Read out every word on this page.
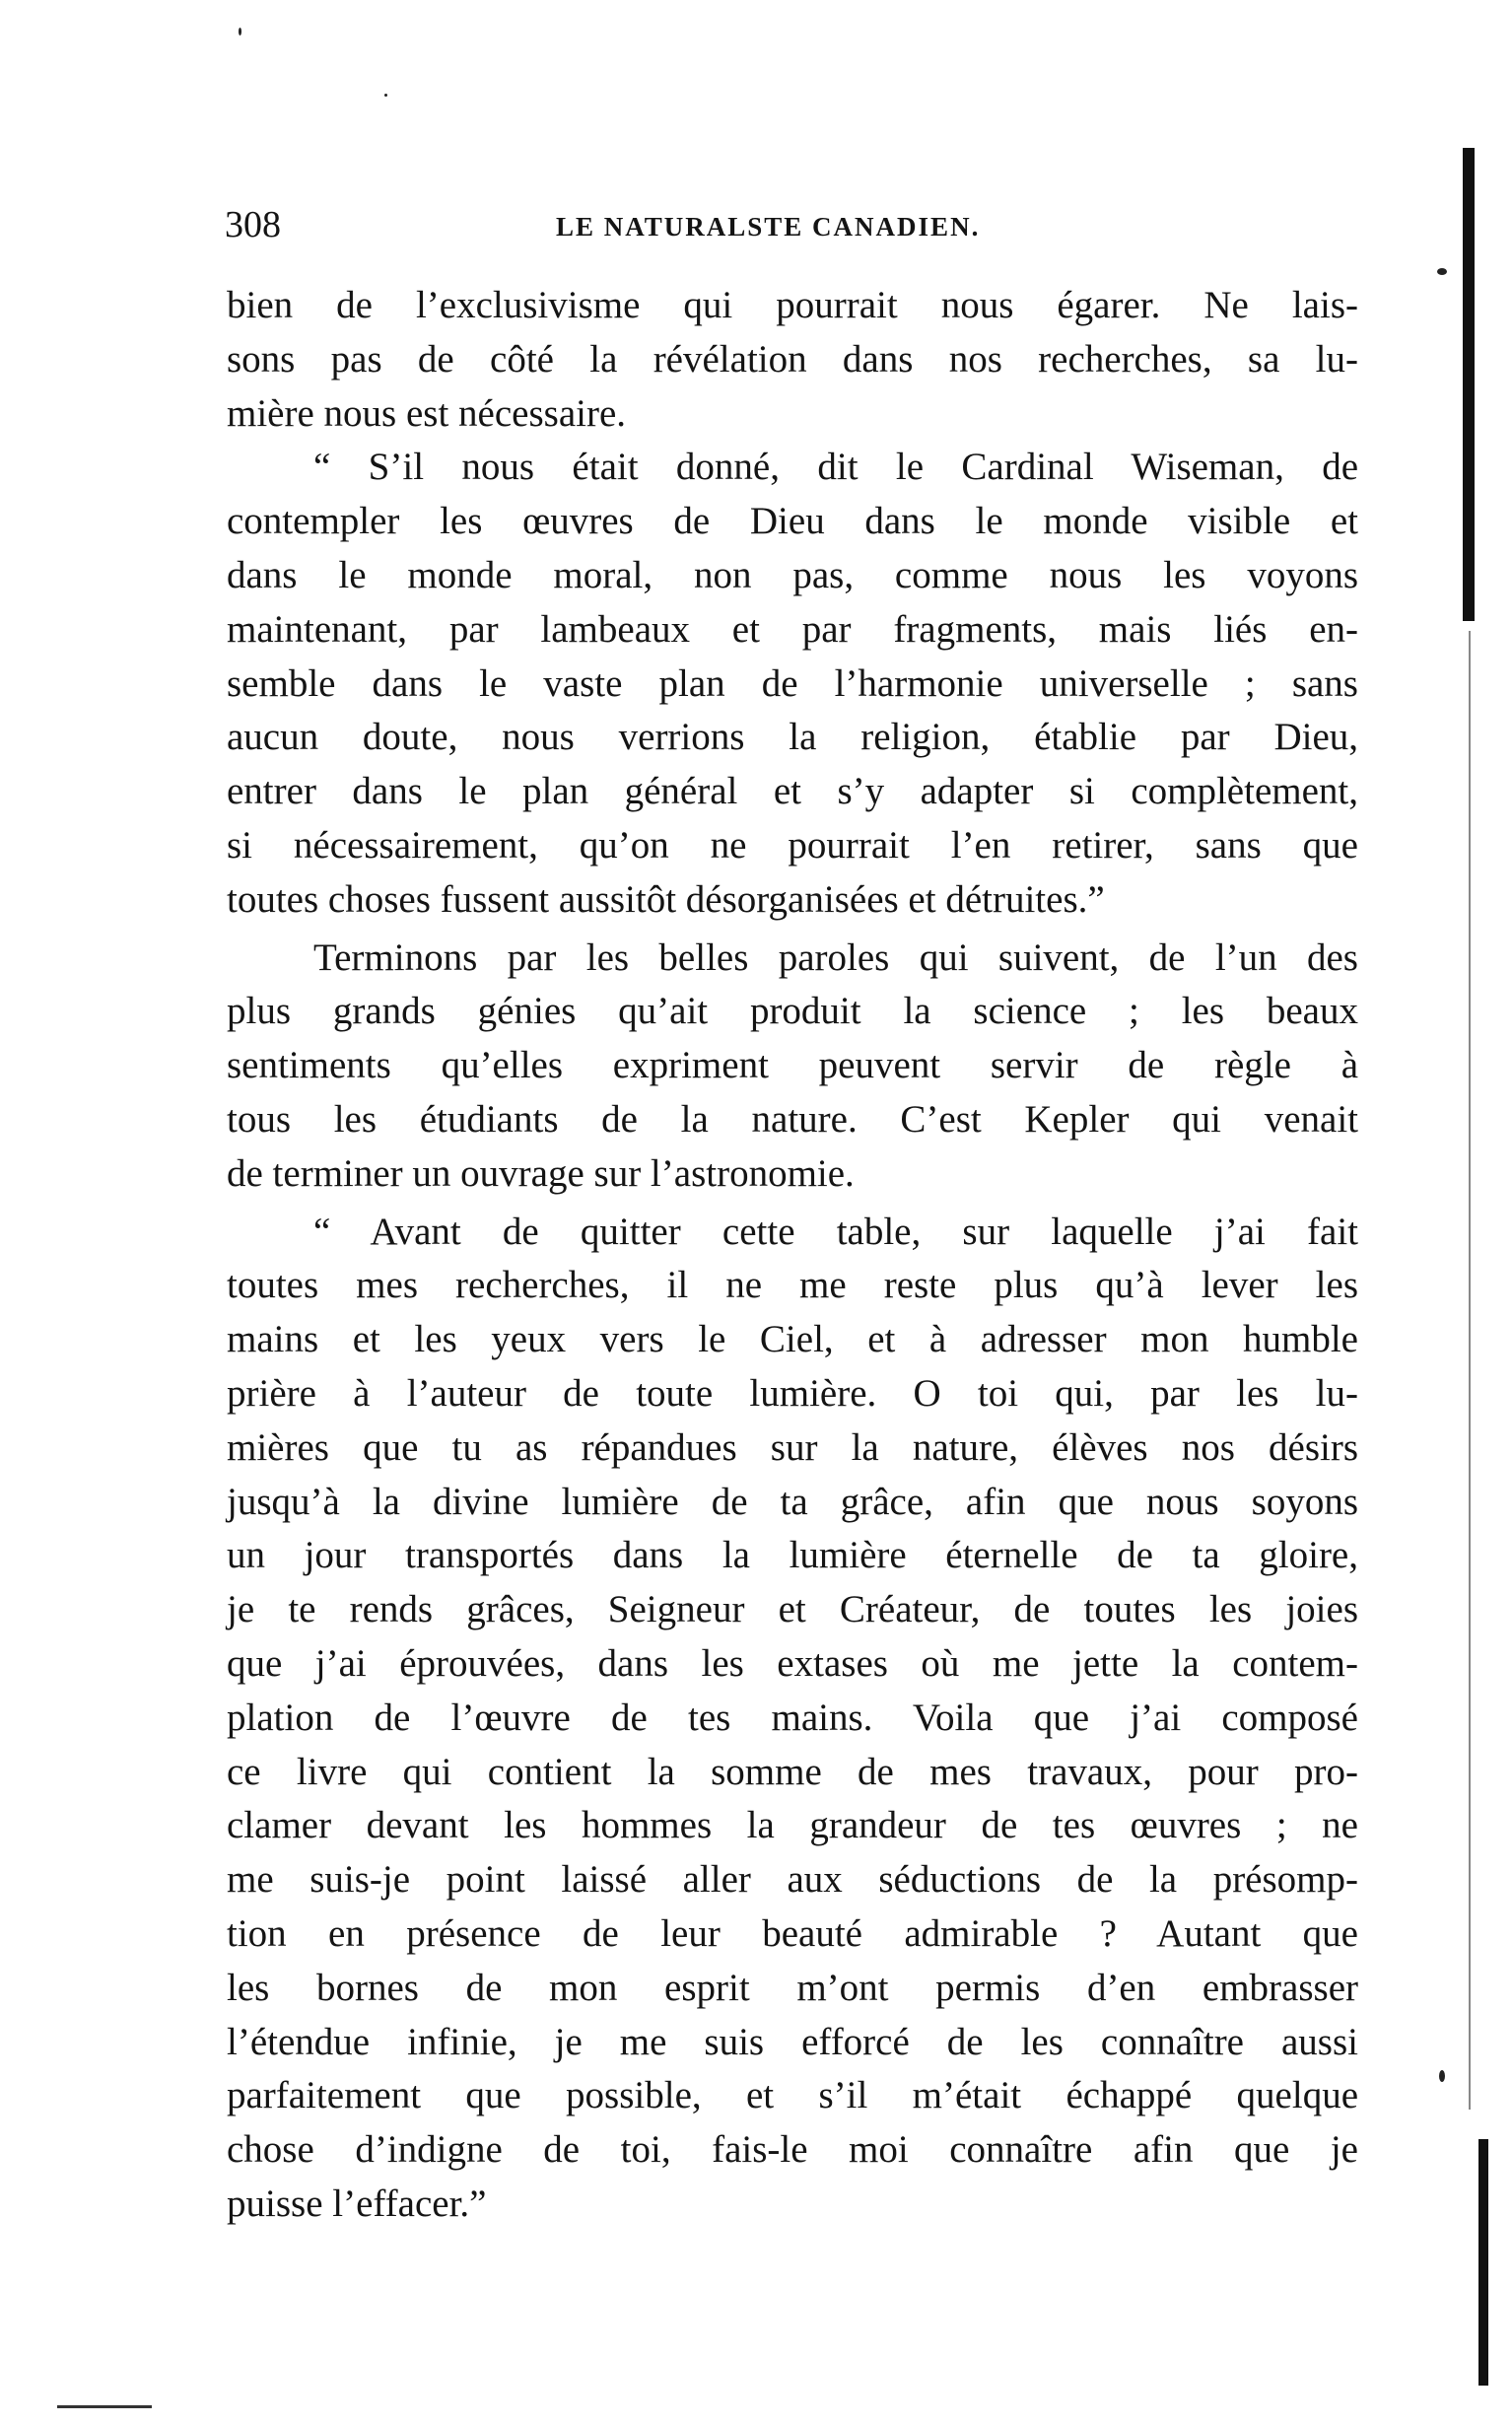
308	LE NATURALSTE CANADIEN.
bien de l’exclusivisme qui pourrait nous égarer. Ne lais-
sons pas de côté la révélation dans nos recherches, sa lu-
mière nous est nécessaire.
“ S’il nous était donné, dit le Cardinal Wiseman, de
contempler les œuvres de Dieu dans le monde visible et
dans le monde moral, non pas, comme nous les voyons
maintenant, par lambeaux et par fragments, mais liés en-
semble dans le vaste plan de l’harmonie universelle ; sans
aucun doute, nous verrions la religion, établie par Dieu,
entrer dans le plan général et s’y adapter si complètement,
si nécessairement, qu’on ne pourrait l’en retirer, sans que
toutes choses fussent aussitôt désorganisées et détruites.”
Terminons par les belles paroles qui suivent, de l’un des
plus grands génies qu’ait produit la science ; les beaux
sentiments qu’elles expriment peuvent servir de règle à
tous les étudiants de la nature. C’est Kepler qui venait
de terminer un ouvrage sur l’astronomie.
“ Avant de quitter cette table, sur laquelle j’ai fait
toutes mes recherches, il ne me reste plus qu’à lever les
mains et les yeux vers le Ciel, et à adresser mon humble
prière à l’auteur de toute lumière. O toi qui, par les lu-
mières que tu as répandues sur la nature, élèves nos désirs
jusqu’à la divine lumière de ta grâce, afin que nous soyons
un jour transportés dans la lumière éternelle de ta gloire,
je te rends grâces, Seigneur et Créateur, de toutes les joies
que j’ai éprouvées, dans les extases où me jette la contem-
plation de l’œuvre de tes mains. Voila que j’ai composé
ce livre qui contient la somme de mes travaux, pour pro-
clamer devant les hommes la grandeur de tes œuvres ; ne
me suis-je point laissé aller aux séductions de la présomp-
tion en présence de leur beauté admirable ? Autant que
les bornes de mon esprit m’ont permis d’en embrasser
l’étendue infinie, je me suis efforcé de les connaître aussi
parfaitement que possible, et s’il m’était échappé quelque
chose d’indigne de toi, fais-le moi connaître afin que je
puisse l’effacer.”
